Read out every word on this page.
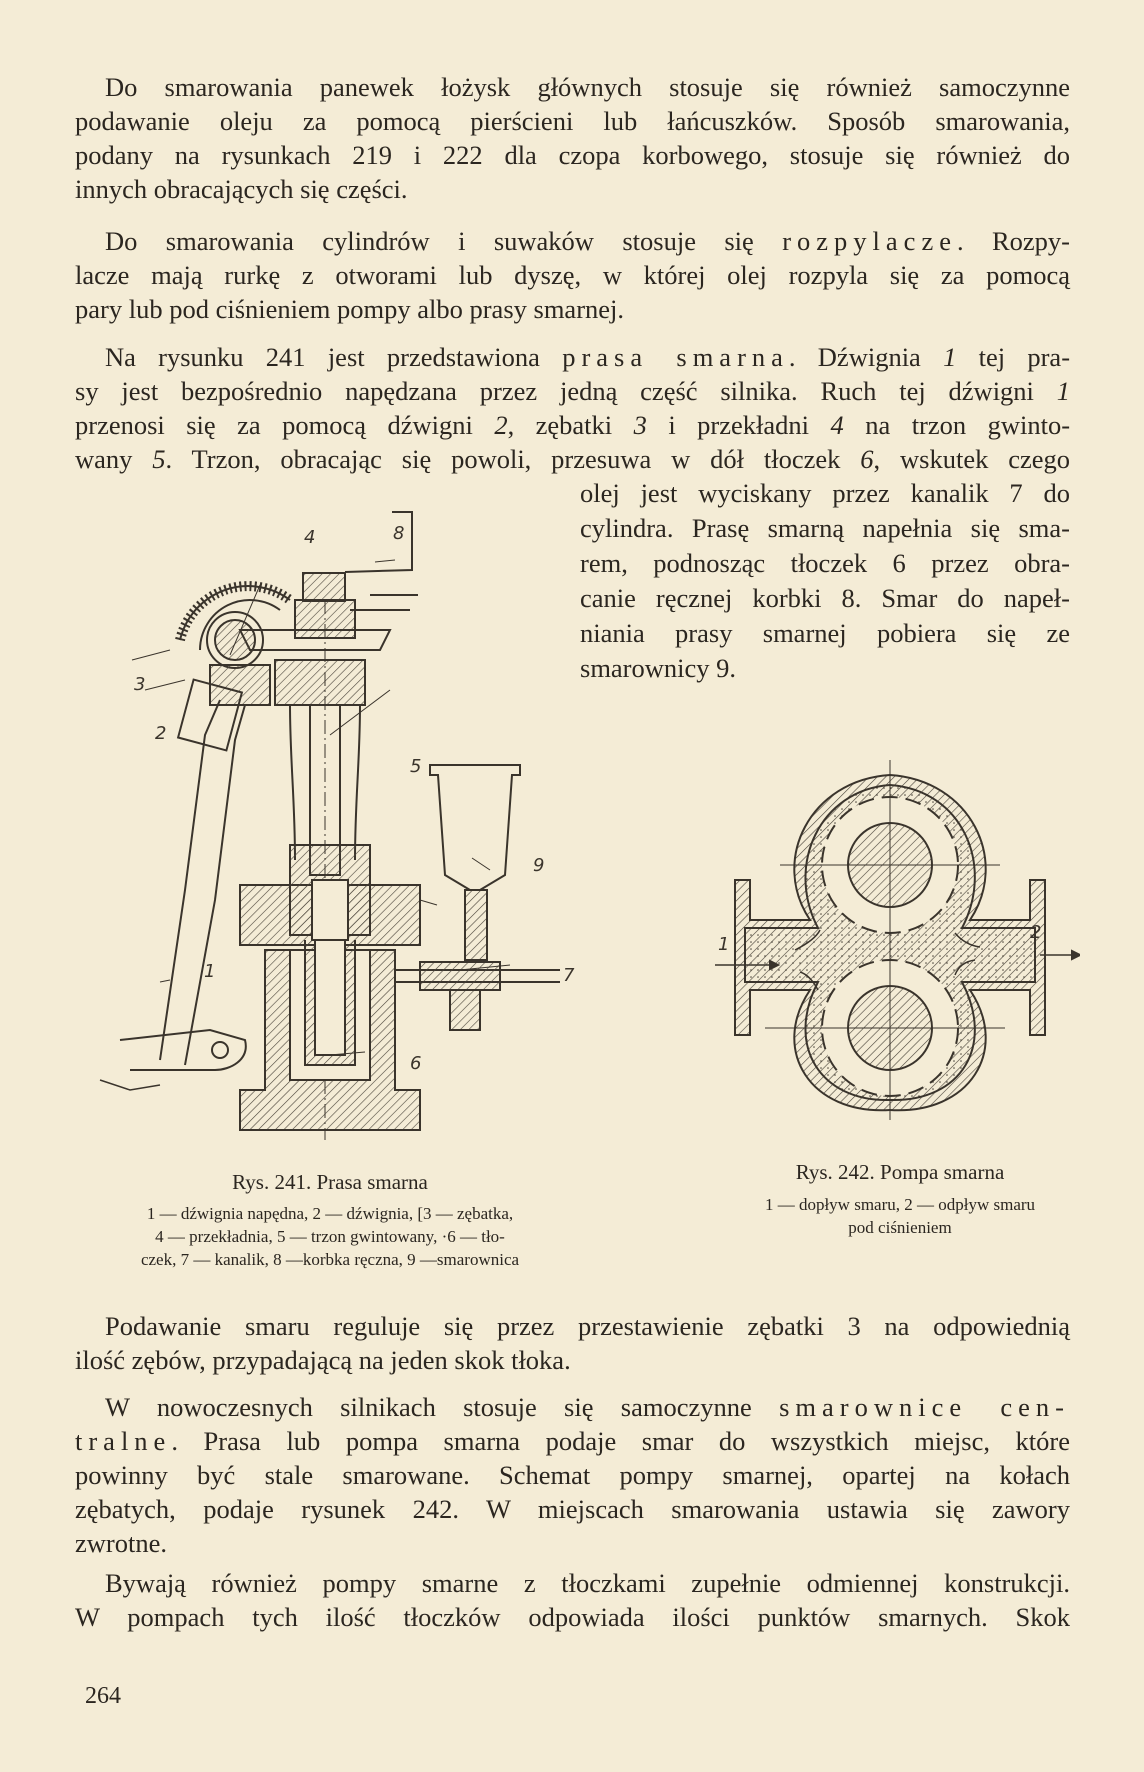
Do smarowania panewek łożysk głównych stosuje się również samoczynne
podawanie oleju za pomocą pierścieni lub łańcuszków. Sposób smarowania,
podany na rysunkach 219 i 222 dla czopa korbowego, stosuje się również do
innych obracających się części.
Do smarowania cylindrów i suwaków stosuje się rozpylacze. Rozpy-
lacze mają rurkę z otworami lub dyszę, w której olej rozpyla się za pomocą
pary lub pod ciśnieniem pompy albo prasy smarnej.
Na rysunku 241 jest przedstawiona prasa smarna. Dźwignia 1 tej pra-
sy jest bezpośrednio napędzana przez jedną część silnika. Ruch tej dźwigni 1
przenosi się za pomocą dźwigni 2, zębatki 3 i przekładni 4 na trzon gwinto-
wany 5. Trzon, obracając się powoli, przesuwa w dół tłoczek 6, wskutek czego
olej jest wyciskany przez kanalik 7 do
cylindra. Prasę smarną napełnia się sma-
rem, podnosząc tłoczek 6 przez obra-
canie ręcznej korbki 8. Smar do napeł-
niania prasy smarnej pobiera się ze
smarownicy 9.
8
4
3
2
5
9
1	7
6
1
2
Rys. 241. Prasa smarna
1 — dźwignia napędna, 2 — dźwignia, [3 — zębatka,
4 — przekładnia, 5 — trzon gwintowany, ·6 — tło-
czek, 7 — kanalik, 8 —korbka ręczna, 9 —smarownica
Rys. 242. Pompa smarna
1 — dopływ smaru, 2 — odpływ smaru
pod ciśnieniem
Podawanie smaru reguluje się przez przestawienie zębatki 3 na odpowiednią
ilość zębów, przypadającą na jeden skok tłoka.
W nowoczesnych silnikach stosuje się samoczynne smarownice cen-
tralne. Prasa lub pompa smarna podaje smar do wszystkich miejsc, które
powinny być stale smarowane. Schemat pompy smarnej, opartej na kołach
zębatych, podaje rysunek 242. W miejscach smarowania ustawia się zawory
zwrotne.
Bywają również pompy smarne z tłoczkami zupełnie odmiennej konstrukcji.
W pompach tych ilość tłoczków odpowiada ilości punktów smarnych. Skok
264
